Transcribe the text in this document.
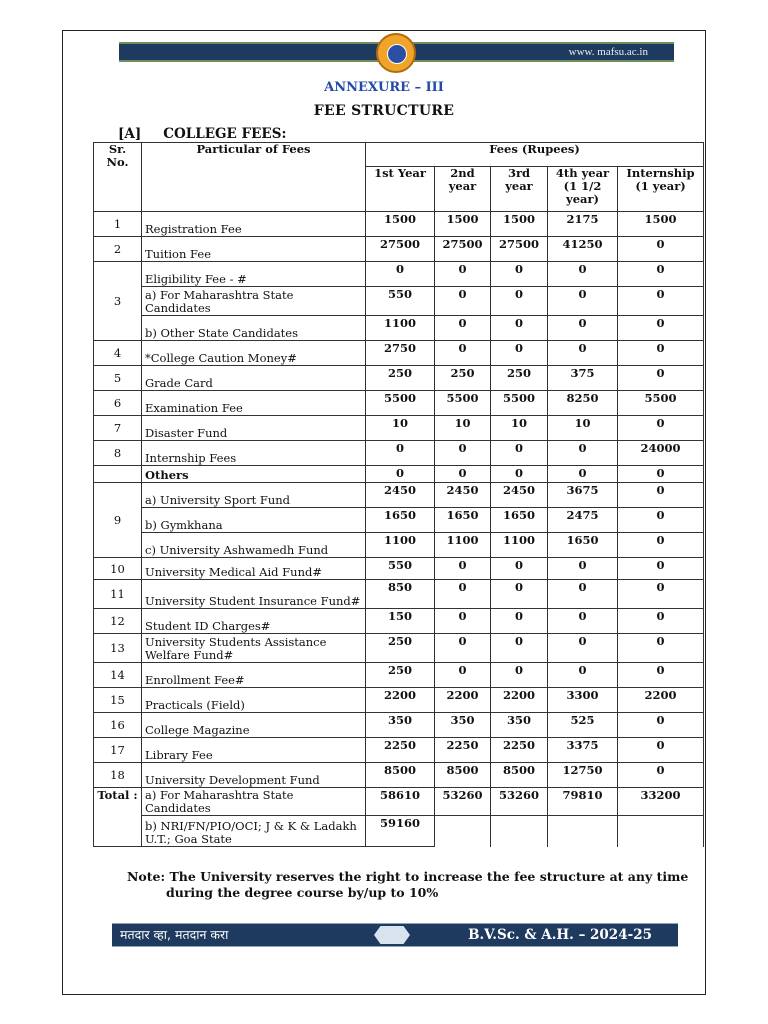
www. mafsu.ac.in
ANNEXURE – III
FEE STRUCTURE
[A] COLLEGE FEES:
Sr. No.	Particular of Fees	Fees (Rupees)				
		1st Year	2nd year	3rd year	4th year (1 1/2 year)	Internship (1 year)
1	Registration Fee	1500	1500	1500	2175	1500
2	Tuition Fee	27500	27500	27500	41250	0
3	Eligibility Fee - #	0	0	0	0	0
	a) For Maharashtra State Candidates	550	0	0	0	0
	b) Other State Candidates	1100	0	0	0	0
4	*College Caution Money#	2750	0	0	0	0
5	Grade Card	250	250	250	375	0
6	Examination Fee	5500	5500	5500	8250	5500
7	Disaster Fund	10	10	10	10	0
8	Internship Fees	0	0	0	0	24000
	Others	0	0	0	0	0
9	a) University Sport Fund	2450	2450	2450	3675	0
	b) Gymkhana	1650	1650	1650	2475	0
	c) University Ashwamedh Fund	1100	1100	1100	1650	0
10	University Medical Aid Fund#	550	0	0	0	0
11	University Student Insurance Fund#	850	0	0	0	0
12	Student ID Charges#	150	0	0	0	0
13	University Students Assistance Welfare Fund#	250	0	0	0	0
14	Enrollment Fee#	250	0	0	0	0
15	Practicals (Field)	2200	2200	2200	3300	2200
16	College Magazine	350	350	350	525	0
17	Library Fee	2250	2250	2250	3375	0
18	University Development Fund	8500	8500	8500	12750	0
Total :	a) For Maharashtra State Candidates	58610	53260	53260	79810	33200
	b) NRI/FN/PIO/OCI; J & K & Ladakh U.T.; Goa State	59160				
Note: The University reserves the right to increase the fee structure at any time
during the degree course by/up to 10%
मतदार व्हा, मतदान करा	B.V.Sc. & A.H. – 2024-25
